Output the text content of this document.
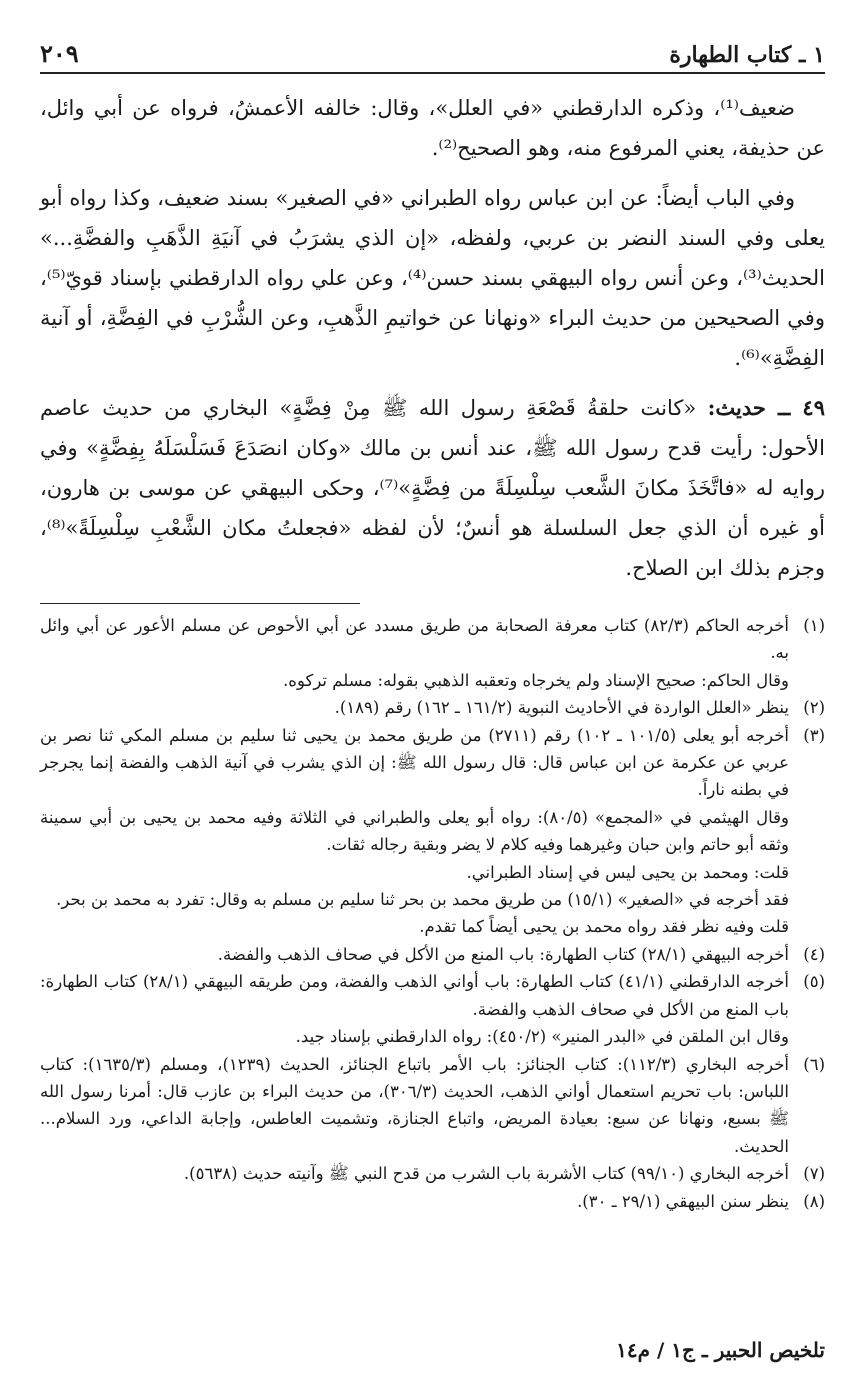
٢٠٩	١ ـ كتاب الطهارة

ضعيف⁽¹⁾، وذكره الدارقطني «في العلل»، وقال: خالفه الأعمشُ، فرواه عن أبي وائل، عن حذيفة، يعني المرفوع منه، وهو الصحيح⁽²⁾.

وفي الباب أيضاً: عن ابن عباس رواه الطبراني «في الصغير» بسند ضعيف، وكذا رواه أبو يعلى وفي السند النضر بن عربي، ولفظه، «إن الذي يشرَبُ في آنيَةِ الذَّهَبِ والفضَّةِ...» الحديث⁽³⁾، وعن أنس رواه البيهقي بسند حسن⁽⁴⁾، وعن علي رواه الدارقطني بإسناد قويّ⁽⁵⁾، وفي الصحيحين من حديث البراء «ونهانا عن خواتيمِ الذَّهبِ، وعن الشُّرْبِ في الفِضَّةِ، أو آنية الفِضَّةِ»⁽⁶⁾.

٤٩ ــ حديث: «كانت حلقةُ قَصْعَةِ رسول الله ﷺ مِنْ فِضَّةٍ» البخاري من حديث عاصم الأحول: رأيت قدح رسول الله ﷺ، عند أنس بن مالك «وكان انصَدَعَ فَسَلْسَلَهُ بِفِضَّةٍ» وفي روايه له «فاتَّخَذَ مكانَ الشَّعب سِلْسِلَةً من فِضَّةٍ»⁽⁷⁾، وحكى البيهقي عن موسى بن هارون، أو غيره أن الذي جعل السلسلة هو أنسٌ؛ لأن لفظه «فجعلتُ مكان الشَّعْبِ سِلْسِلَةً»⁽⁸⁾، وجزم بذلك ابن الصلاح.

(١)
أخرجه الحاكم (٨٢/٣) كتاب معرفة الصحابة من طريق مسدد عن أبي الأحوص عن مسلم الأعور عن أبي وائل به.
وقال الحاكم: صحيح الإسناد ولم يخرجاه وتعقبه الذهبي بقوله: مسلم تركوه.
(٢)
ينظر «العلل الواردة في الأحاديث النبوية (١٦١/٢ ـ ١٦٢) رقم (١٨٩).
(٣)
أخرجه أبو يعلى (١٠١/٥ ـ ١٠٢) رقم (٢٧١١) من طريق محمد بن يحيى ثنا سليم بن مسلم المكي ثنا نصر بن عربي عن عكرمة عن ابن عباس قال: قال رسول الله ﷺ: إن الذي يشرب في آنية الذهب والفضة إنما يجرجر في بطنه ناراً.
وقال الهيثمي في «المجمع» (٨٠/٥): رواه أبو يعلى والطبراني في الثلاثة وفيه محمد بن يحيى بن أبي سمينة وثقه أبو حاتم وابن حبان وغيرهما وفيه كلام لا يضر وبقية رجاله ثقات.
قلت: ومحمد بن يحيى ليس في إسناد الطبراني.
فقد أخرجه في «الصغير» (١٥/١) من طريق محمد بن بحر ثنا سليم بن مسلم به وقال: تفرد به محمد بن بحر.
قلت وفيه نظر فقد رواه محمد بن يحيى أيضاً كما تقدم.
(٤)
أخرجه البيهقي (٢٨/١) كتاب الطهارة: باب المنع من الأكل في صحاف الذهب والفضة.
(٥)
أخرجه الدارقطني (٤١/١) كتاب الطهارة: باب أواني الذهب والفضة، ومن طريقه البيهقي (٢٨/١) كتاب الطهارة: باب المنع من الأكل في صحاف الذهب والفضة.
وقال ابن الملقن في «البدر المنير» (٤٥٠/٢): رواه الدارقطني بإسناد جيد.
(٦)
أخرجه البخاري (١١٢/٣): كتاب الجنائز: باب الأمر باتباع الجنائز، الحديث (١٢٣٩)، ومسلم (١٦٣٥/٣): كتاب اللباس: باب تحريم استعمال أواني الذهب، الحديث (٣٠٦/٣)، من حديث البراء بن عازب قال: أمرنا رسول الله ﷺ بسبع، ونهانا عن سبع: بعيادة المريض، واتباع الجنازة، وتشميت العاطس، وإجابة الداعي، ورد السلام... الحديث.
(٧)
أخرجه البخاري (٩٩/١٠) كتاب الأشربة باب الشرب من قدح النبي ﷺ وآنيته حديث (٥٦٣٨).
(٨)
ينظر سنن البيهقي (٢٩/١ ـ ٣٠).
تلخيص الحبير ـ ج١ / م١٤
